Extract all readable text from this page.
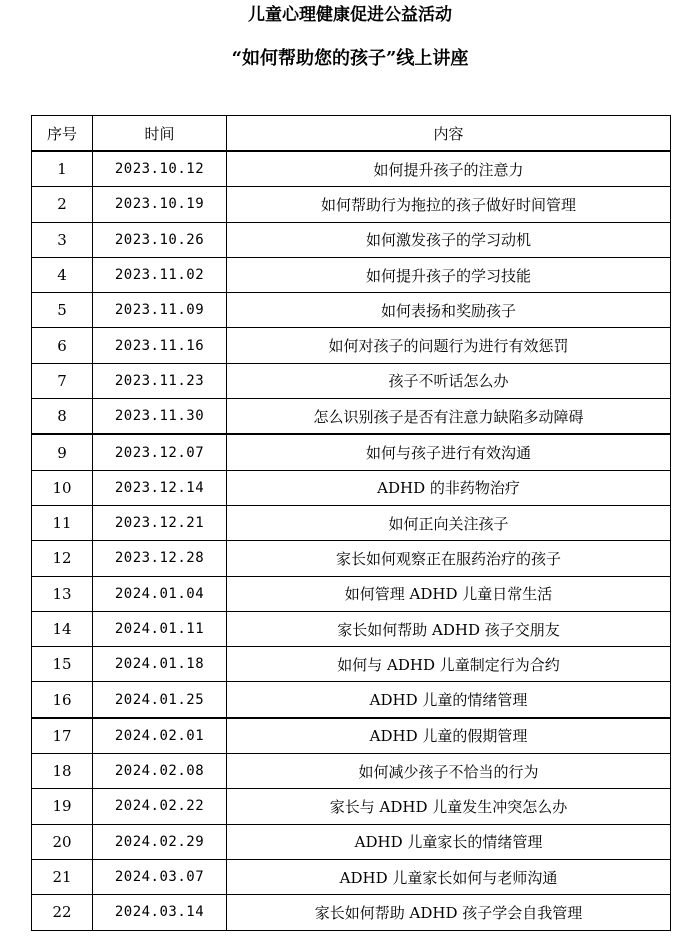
儿童心理健康促进公益活动
“如何帮助您的孩子”线上讲座
序号	时间	内容
1	2023.10.12	如何提升孩子的注意力
2	2023.10.19	如何帮助行为拖拉的孩子做好时间管理
3	2023.10.26	如何激发孩子的学习动机
4	2023.11.02	如何提升孩子的学习技能
5	2023.11.09	如何表扬和奖励孩子
6	2023.11.16	如何对孩子的问题行为进行有效惩罚
7	2023.11.23	孩子不听话怎么办
8	2023.11.30	怎么识别孩子是否有注意力缺陷多动障碍
9	2023.12.07	如何与孩子进行有效沟通
10	2023.12.14	ADHD 的非药物治疗
11	2023.12.21	如何正向关注孩子
12	2023.12.28	家长如何观察正在服药治疗的孩子
13	2024.01.04	如何管理 ADHD 儿童日常生活
14	2024.01.11	家长如何帮助 ADHD 孩子交朋友
15	2024.01.18	如何与 ADHD 儿童制定行为合约
16	2024.01.25	ADHD 儿童的情绪管理
17	2024.02.01	ADHD 儿童的假期管理
18	2024.02.08	如何减少孩子不恰当的行为
19	2024.02.22	家长与 ADHD 儿童发生冲突怎么办
20	2024.02.29	ADHD 儿童家长的情绪管理
21	2024.03.07	ADHD 儿童家长如何与老师沟通
22	2024.03.14	家长如何帮助 ADHD 孩子学会自我管理
